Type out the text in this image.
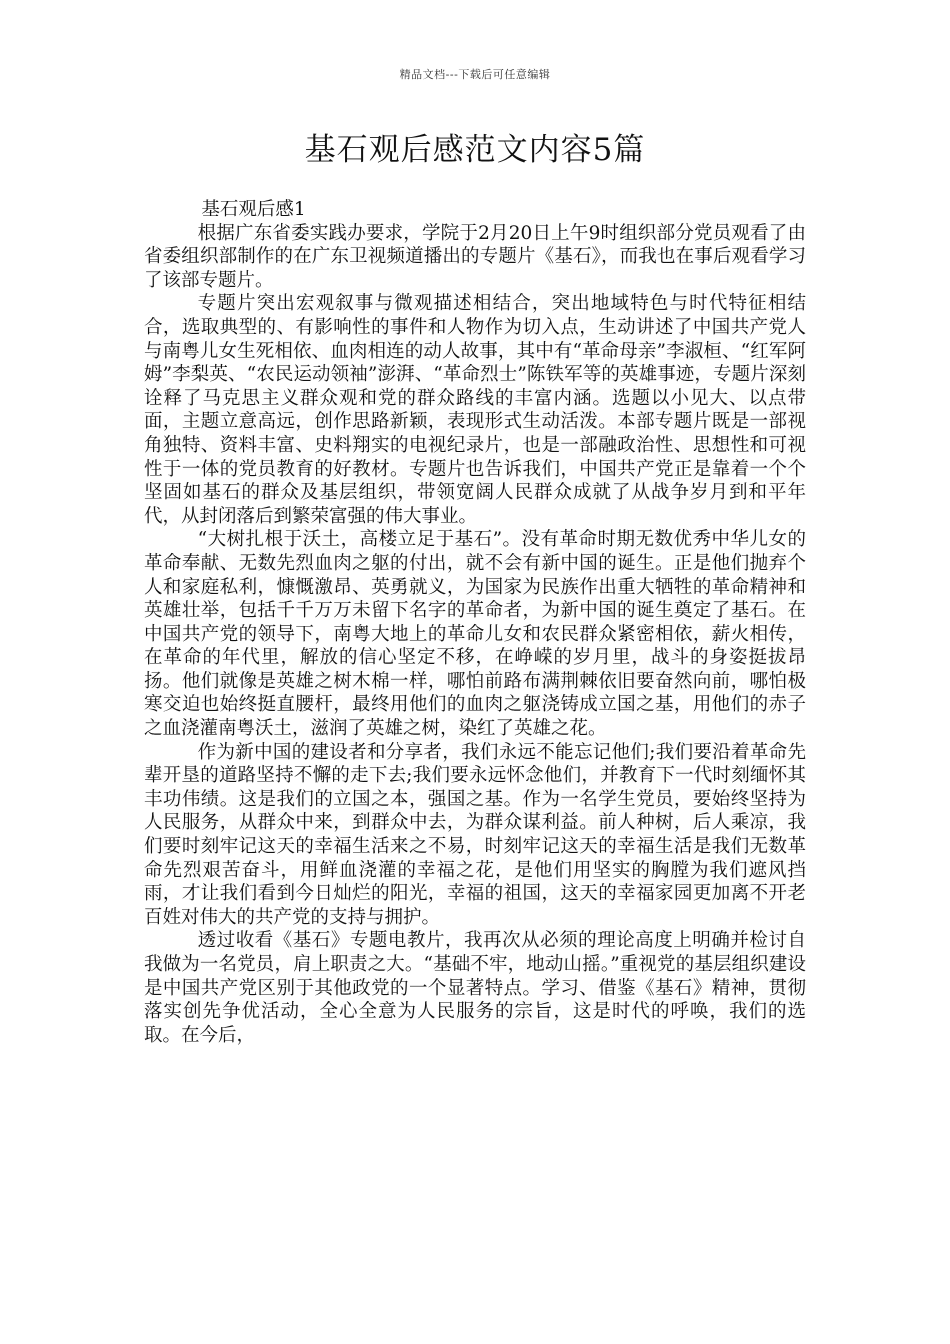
精品文档---下载后可任意编辑
基石观后感范文内容5篇

基石观后感1

根据广东省委实践办要求，学院于2月20日上午9时组织部分党员观看了由省委组织部制作的在广东卫视频道播出的专题片《基石》，而我也在事后观看学习了该部专题片。

专题片突出宏观叙事与微观描述相结合，突出地域特色与时代特征相结合，选取典型的、有影响性的事件和人物作为切入点，生动讲述了中国共产党人与南粤儿女生死相依、血肉相连的动人故事，其中有“革命母亲”李淑桓、“红军阿姆”李梨英、“农民运动领袖”澎湃、“革命烈士”陈铁军等的英雄事迹，专题片深刻诠释了马克思主义群众观和党的群众路线的丰富内涵。选题以小见大、以点带面，主题立意高远，创作思路新颖，表现形式生动活泼。本部专题片既是一部视角独特、资料丰富、史料翔实的电视纪录片，也是一部融政治性、思想性和可视性于一体的党员教育的好教材。专题片也告诉我们，中国共产党正是靠着一个个坚固如基石的群众及基层组织，带领宽阔人民群众成就了从战争岁月到和平年代，从封闭落后到繁荣富强的伟大事业。

“大树扎根于沃土，高楼立足于基石”。没有革命时期无数优秀中华儿女的革命奉献、无数先烈血肉之躯的付出，就不会有新中国的诞生。正是他们抛弃个人和家庭私利，慷慨激昂、英勇就义，为国家为民族作出重大牺牲的革命精神和英雄壮举，包括千千万万未留下名字的革命者，为新中国的诞生奠定了基石。在中国共产党的领导下，南粤大地上的革命儿女和农民群众紧密相依，薪火相传，在革命的年代里，解放的信心坚定不移，在峥嵘的岁月里，战斗的身姿挺拔昂扬。他们就像是英雄之树木棉一样，哪怕前路布满荆棘依旧要奋然向前，哪怕极寒交迫也始终挺直腰杆，最终用他们的血肉之躯浇铸成立国之基，用他们的赤子之血浇灌南粤沃土，滋润了英雄之树，染红了英雄之花。

作为新中国的建设者和分享者，我们永远不能忘记他们;我们要沿着革命先辈开垦的道路坚持不懈的走下去;我们要永远怀念他们，并教育下一代时刻缅怀其丰功伟绩。这是我们的立国之本，强国之基。作为一名学生党员，要始终坚持为人民服务，从群众中来，到群众中去，为群众谋利益。前人种树，后人乘凉，我们要时刻牢记这天的幸福生活来之不易，时刻牢记这天的幸福生活是我们无数革命先烈艰苦奋斗，用鲜血浇灌的幸福之花，是他们用坚实的胸膛为我们遮风挡雨，才让我们看到今日灿烂的阳光，幸福的祖国，这天的幸福家园更加离不开老百姓对伟大的共产党的支持与拥护。

透过收看《基石》专题电教片，我再次从必须的理论高度上明确并检讨自我做为一名党员，肩上职责之大。“基础不牢，地动山摇。”重视党的基层组织建设是中国共产党区别于其他政党的一个显著特点。学习、借鉴《基石》精神，贯彻落实创先争优活动，全心全意为人民服务的宗旨，这是时代的呼唤，我们的选取。在今后，
